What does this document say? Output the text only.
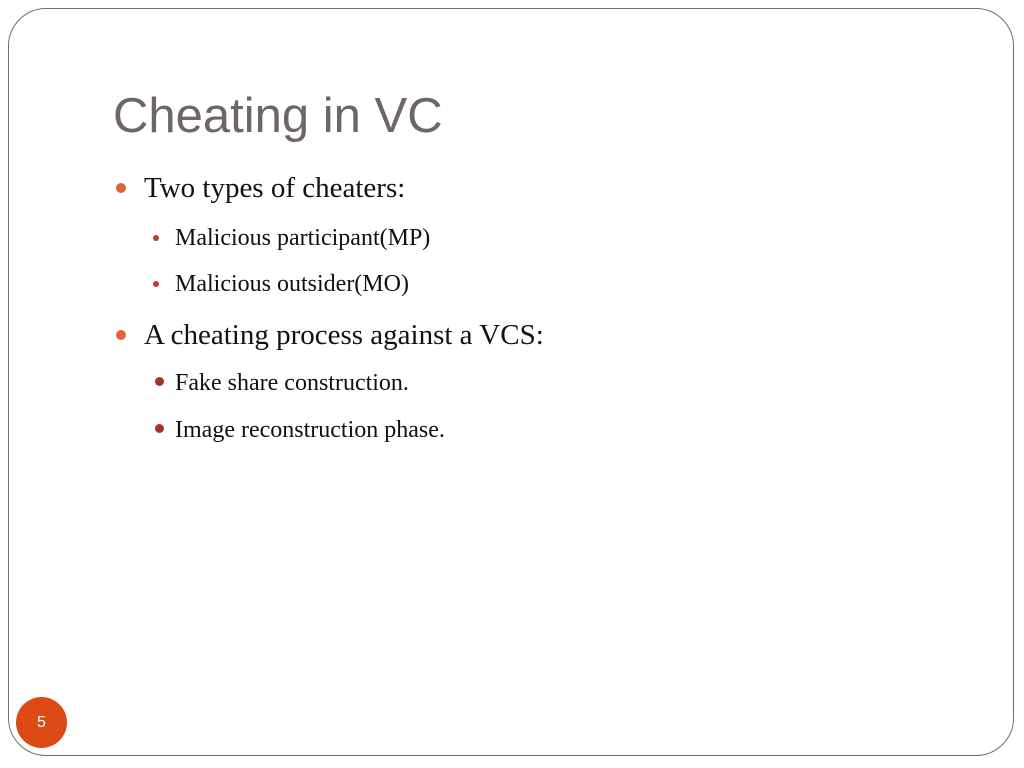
Cheating in VC
Two types of cheaters:
Malicious participant(MP)
Malicious outsider(MO)
A cheating process against a VCS:
Fake share construction.
Image reconstruction phase.
5
